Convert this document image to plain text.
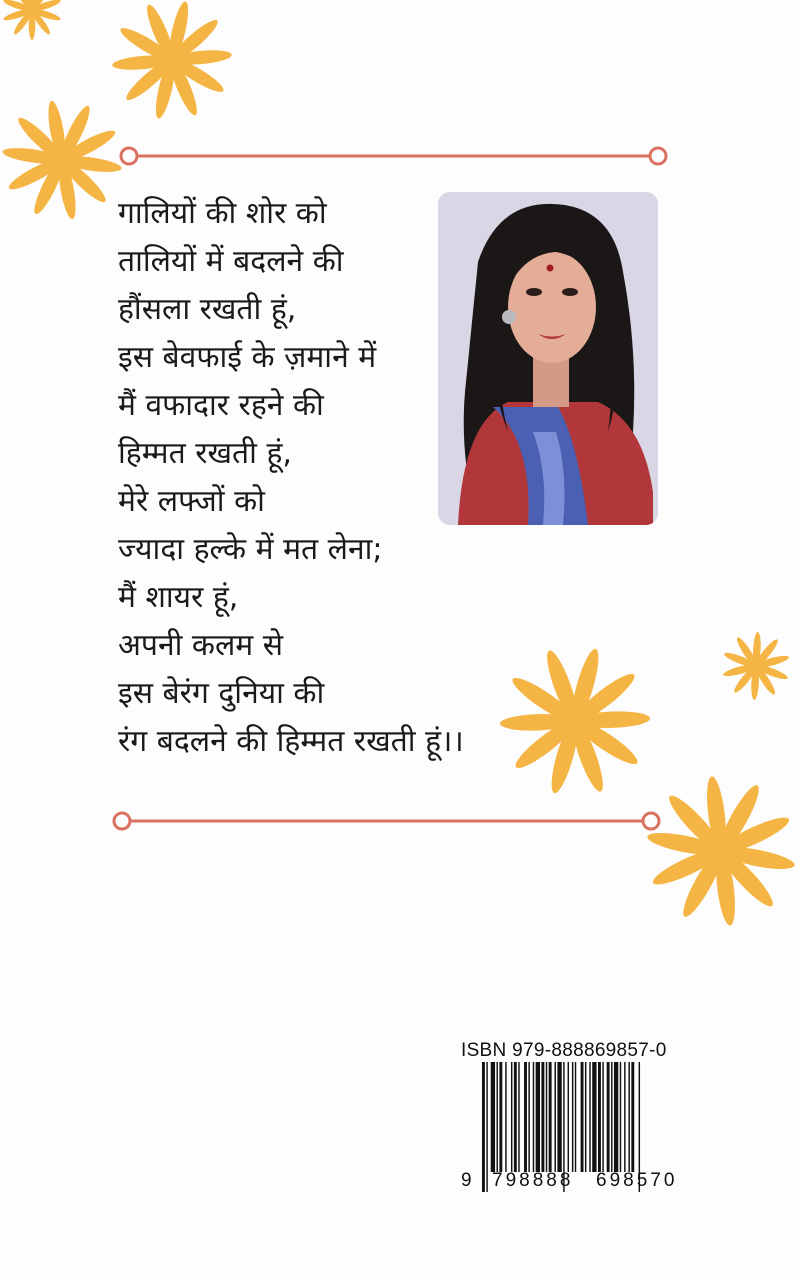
गालियों की शोर को
तालियों में बदलने की
हौंसला रखती हूं,
इस बेवफाई के ज़माने में
मैं वफादार रहने की
हिम्मत रखती हूं,
मेरे लफ्जों को
ज्यादा हल्के में मत लेना;
मैं शायर हूं,
अपनी कलम से
इस बेरंग दुनिया की
रंग बदलने की हिम्मत रखती हूं।।
ISBN 979-888869857-0
9 798888 698570
